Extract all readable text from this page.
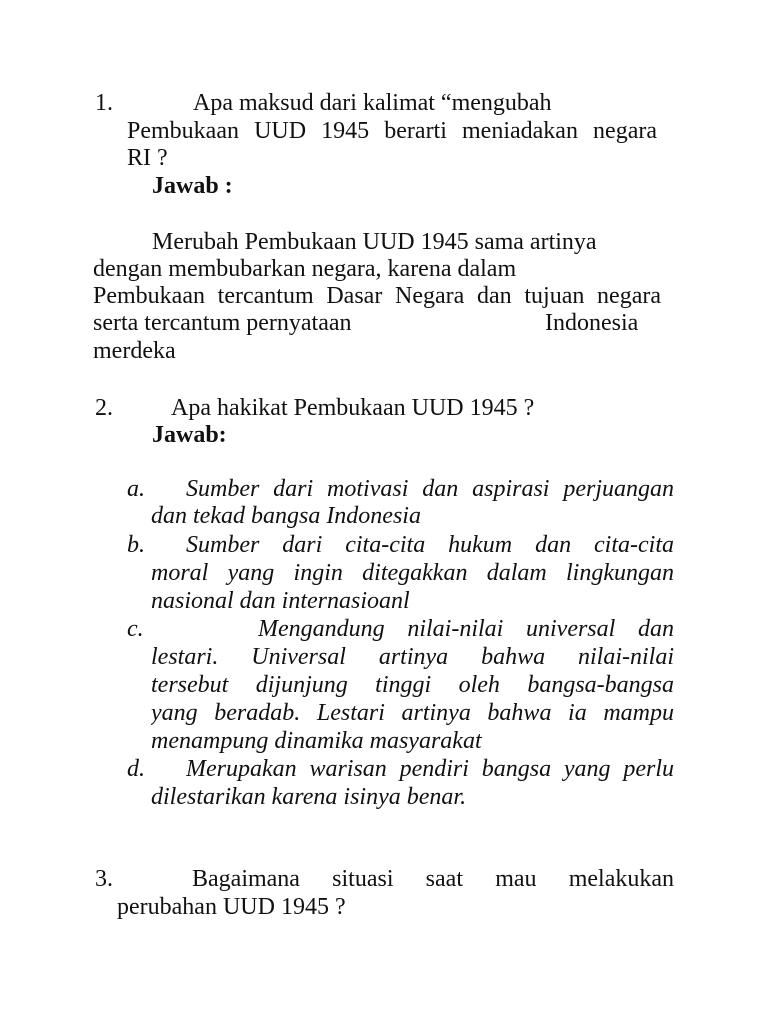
1.	Apa maksud dari kalimat “mengubah
Pembukaan UUD 1945 berarti meniadakan negara
RI ?
Jawab :
Merubah Pembukaan UUD 1945 sama artinya
dengan membubarkan negara, karena dalam
Pembukaan tercantum Dasar Negara dan tujuan negara
serta tercantum pernyataan	Indonesia
merdeka
2. Apa hakikat Pembukaan UUD 1945 ?
Jawab:
a. Sumber dari motivasi dan aspirasi perjuangan
dan tekad bangsa Indonesia
b. Sumber dari cita-cita hukum dan cita-cita
moral yang ingin ditegakkan dalam lingkungan
nasional dan internasioanl
c.	Mengandung nilai-nilai universal dan
lestari. Universal artinya bahwa nilai-nilai
tersebut dijunjung tinggi oleh bangsa-bangsa
yang beradab. Lestari artinya bahwa ia mampu
menampung dinamika masyarakat
d. Merupakan warisan pendiri bangsa yang perlu
dilestarikan karena isinya benar.
3.	Bagaimana situasi saat mau melakukan
perubahan UUD 1945 ?
